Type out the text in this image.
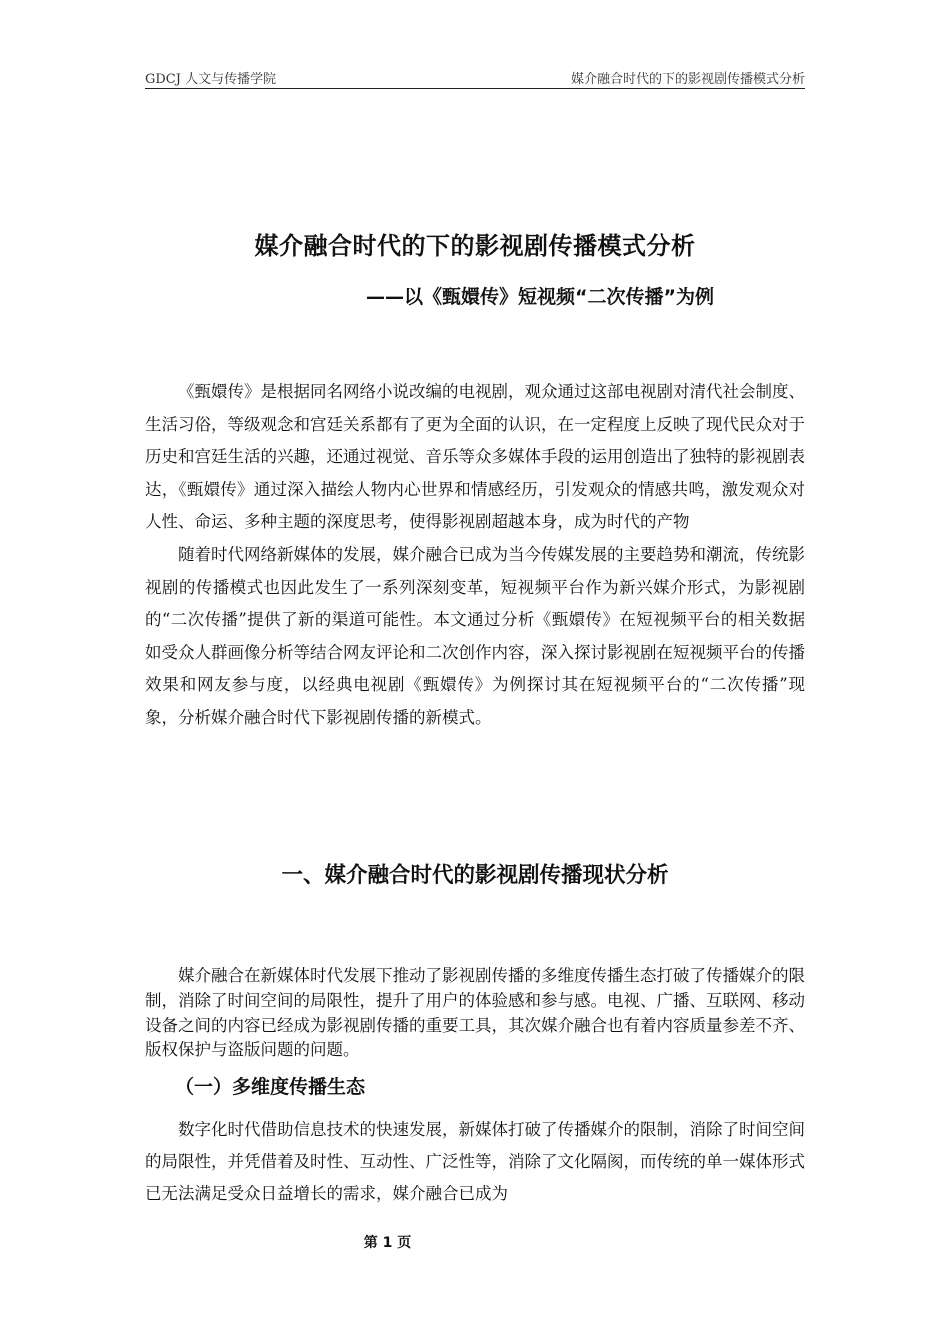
GDCJ 人文与传播学院	媒介融合时代的下的影视剧传播模式分析
媒介融合时代的下的影视剧传播模式分析
——以《甄嬛传》短视频“二次传播”为例

《甄嬛传》是根据同名网络小说改编的电视剧，观众通过这部电视剧对清代社会制度、生活习俗，等级观念和宫廷关系都有了更为全面的认识，在一定程度上反映了现代民众对于历史和宫廷生活的兴趣，还通过视觉、音乐等众多媒体手段的运用创造出了独特的影视剧表达，《甄嬛传》通过深入描绘人物内心世界和情感经历，引发观众的情感共鸣，激发观众对人性、命运、多种主题的深度思考，使得影视剧超越本身，成为时代的产物

随着时代网络新媒体的发展，媒介融合已成为当今传媒发展的主要趋势和潮流，传统影视剧的传播模式也因此发生了一系列深刻变革，短视频平台作为新兴媒介形式，为影视剧的“二次传播”提供了新的渠道可能性。本文通过分析《甄嬛传》在短视频平台的相关数据如受众人群画像分析等结合网友评论和二次创作内容，深入探讨影视剧在短视频平台的传播效果和网友参与度，以经典电视剧《甄嬛传》为例探讨其在短视频平台的“二次传播”现象，分析媒介融合时代下影视剧传播的新模式。

一、媒介融合时代的影视剧传播现状分析

媒介融合在新媒体时代发展下推动了影视剧传播的多维度传播生态打破了传播媒介的限制，消除了时间空间的局限性，提升了用户的体验感和参与感。电视、广播、互联网、移动设备之间的内容已经成为影视剧传播的重要工具，其次媒介融合也有着内容质量参差不齐、版权保护与盗版问题的问题。

（一）多维度传播生态

数字化时代借助信息技术的快速发展，新媒体打破了传播媒介的限制，消除了时间空间的局限性，并凭借着及时性、互动性、广泛性等，消除了文化隔阂，而传统的单一媒体形式已无法满足受众日益增长的需求，媒介融合已成为

第 1 页
